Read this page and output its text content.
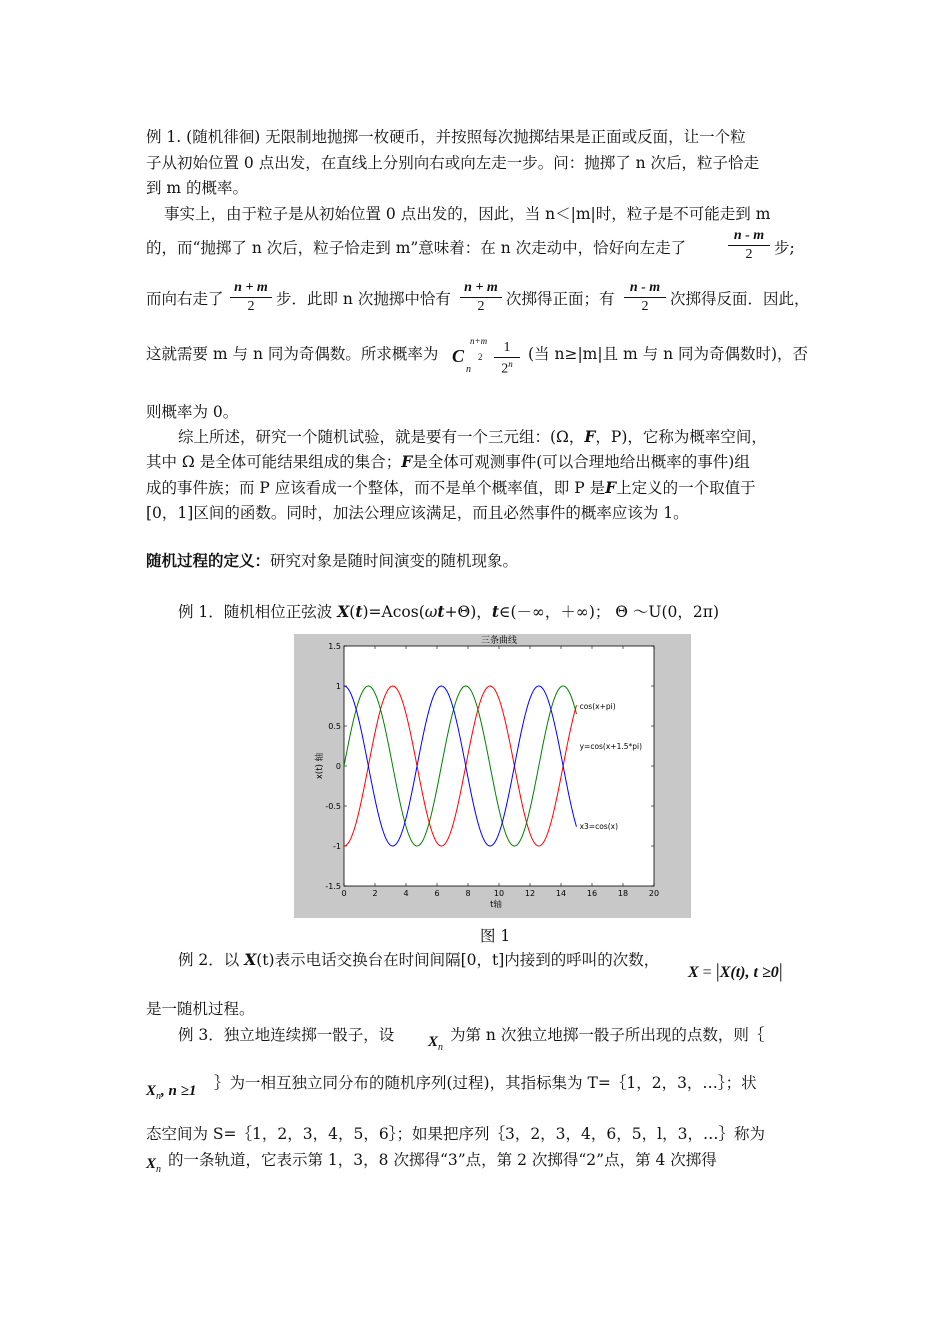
例 1. (随机徘徊) 无限制地抛掷一枚硬币，并按照每次抛掷结果是正面或反面，让一个粒
子从初始位置 0 点出发，在直线上分别向右或向左走一步。问：抛掷了 n 次后，粒子恰走
到 m 的概率。
事实上，由于粒子是从初始位置 0 点出发的，因此，当 n＜|m|时，粒子是不可能走到 m
的，而“抛掷了 n 次后，粒子恰走到 m”意味着：在 n 次走动中，恰好向左走了	$\frac{n - m}{2}$ 步;
而向右走了 $\frac{n + m}{2}$ 步．此即 n 次抛掷中恰有 $\frac{n + m}{2}$ 次掷得正面；有 $\frac{n - m}{2}$ 次掷得反面．因此，
这就需要 m 与 n 同为奇偶数。所求概率为 C
n
n+m
$2 \frac{1}{2^n}$ (当 n≥|m|且 m 与 n 同为奇偶数时)，否
则概率为 0。
综上所述，研究一个随机试验，就是要有一个三元组：(Ω，F，P)，它称为概率空间，
其中 Ω 是全体可能结果组成的集合；F是全体可观测事件(可以合理地给出概率的事件)组
成的事件族；而 P 应该看成一个整体，而不是单个概率值，即 P 是F上定义的一个取值于
[0，1]区间的函数。同时，加法公理应该满足，而且必然事件的概率应该为 1。
随机过程的定义：研究对象是随时间演变的随机现象。
例 1．随机相位正弦波 X(t)=Acos(ωt+Θ)，t∈(－∞，＋∞)； Θ ～U(0，2π)
三条曲线
0	2	4	6	8	10	12	14	16	18	20
-1.5
-1
-0.5
0
0.5
1
1.5
t轴
x(t) 轴
cos(x+pi)
y=cos(x+1.5*pi)
x3=cos(x)
图 1
例 2．以 X(t)表示电话交换台在时间间隔[0，t]内接到的呼叫的次数，
X = |X(t), t ≥0|
是一随机过程。
例 3．独立地连续掷一骰子，设 $X_n$
为第 n 次独立地掷一骰子所出现的点数，则｛
$X_n$, n ≥1 ｝为一相互独立同分布的随机序列(过程)，其指标集为 T=｛1，2，3，…｝；状
态空间为 S=｛1，2，3，4，5，6｝；如果把序列｛3，2，3，4，6，5，l，3，…｝称为
$X_n$
的一条轨道，它表示第 1，3，8 次掷得“3”点，第 2 次掷得“2”点，第 4 次掷得
